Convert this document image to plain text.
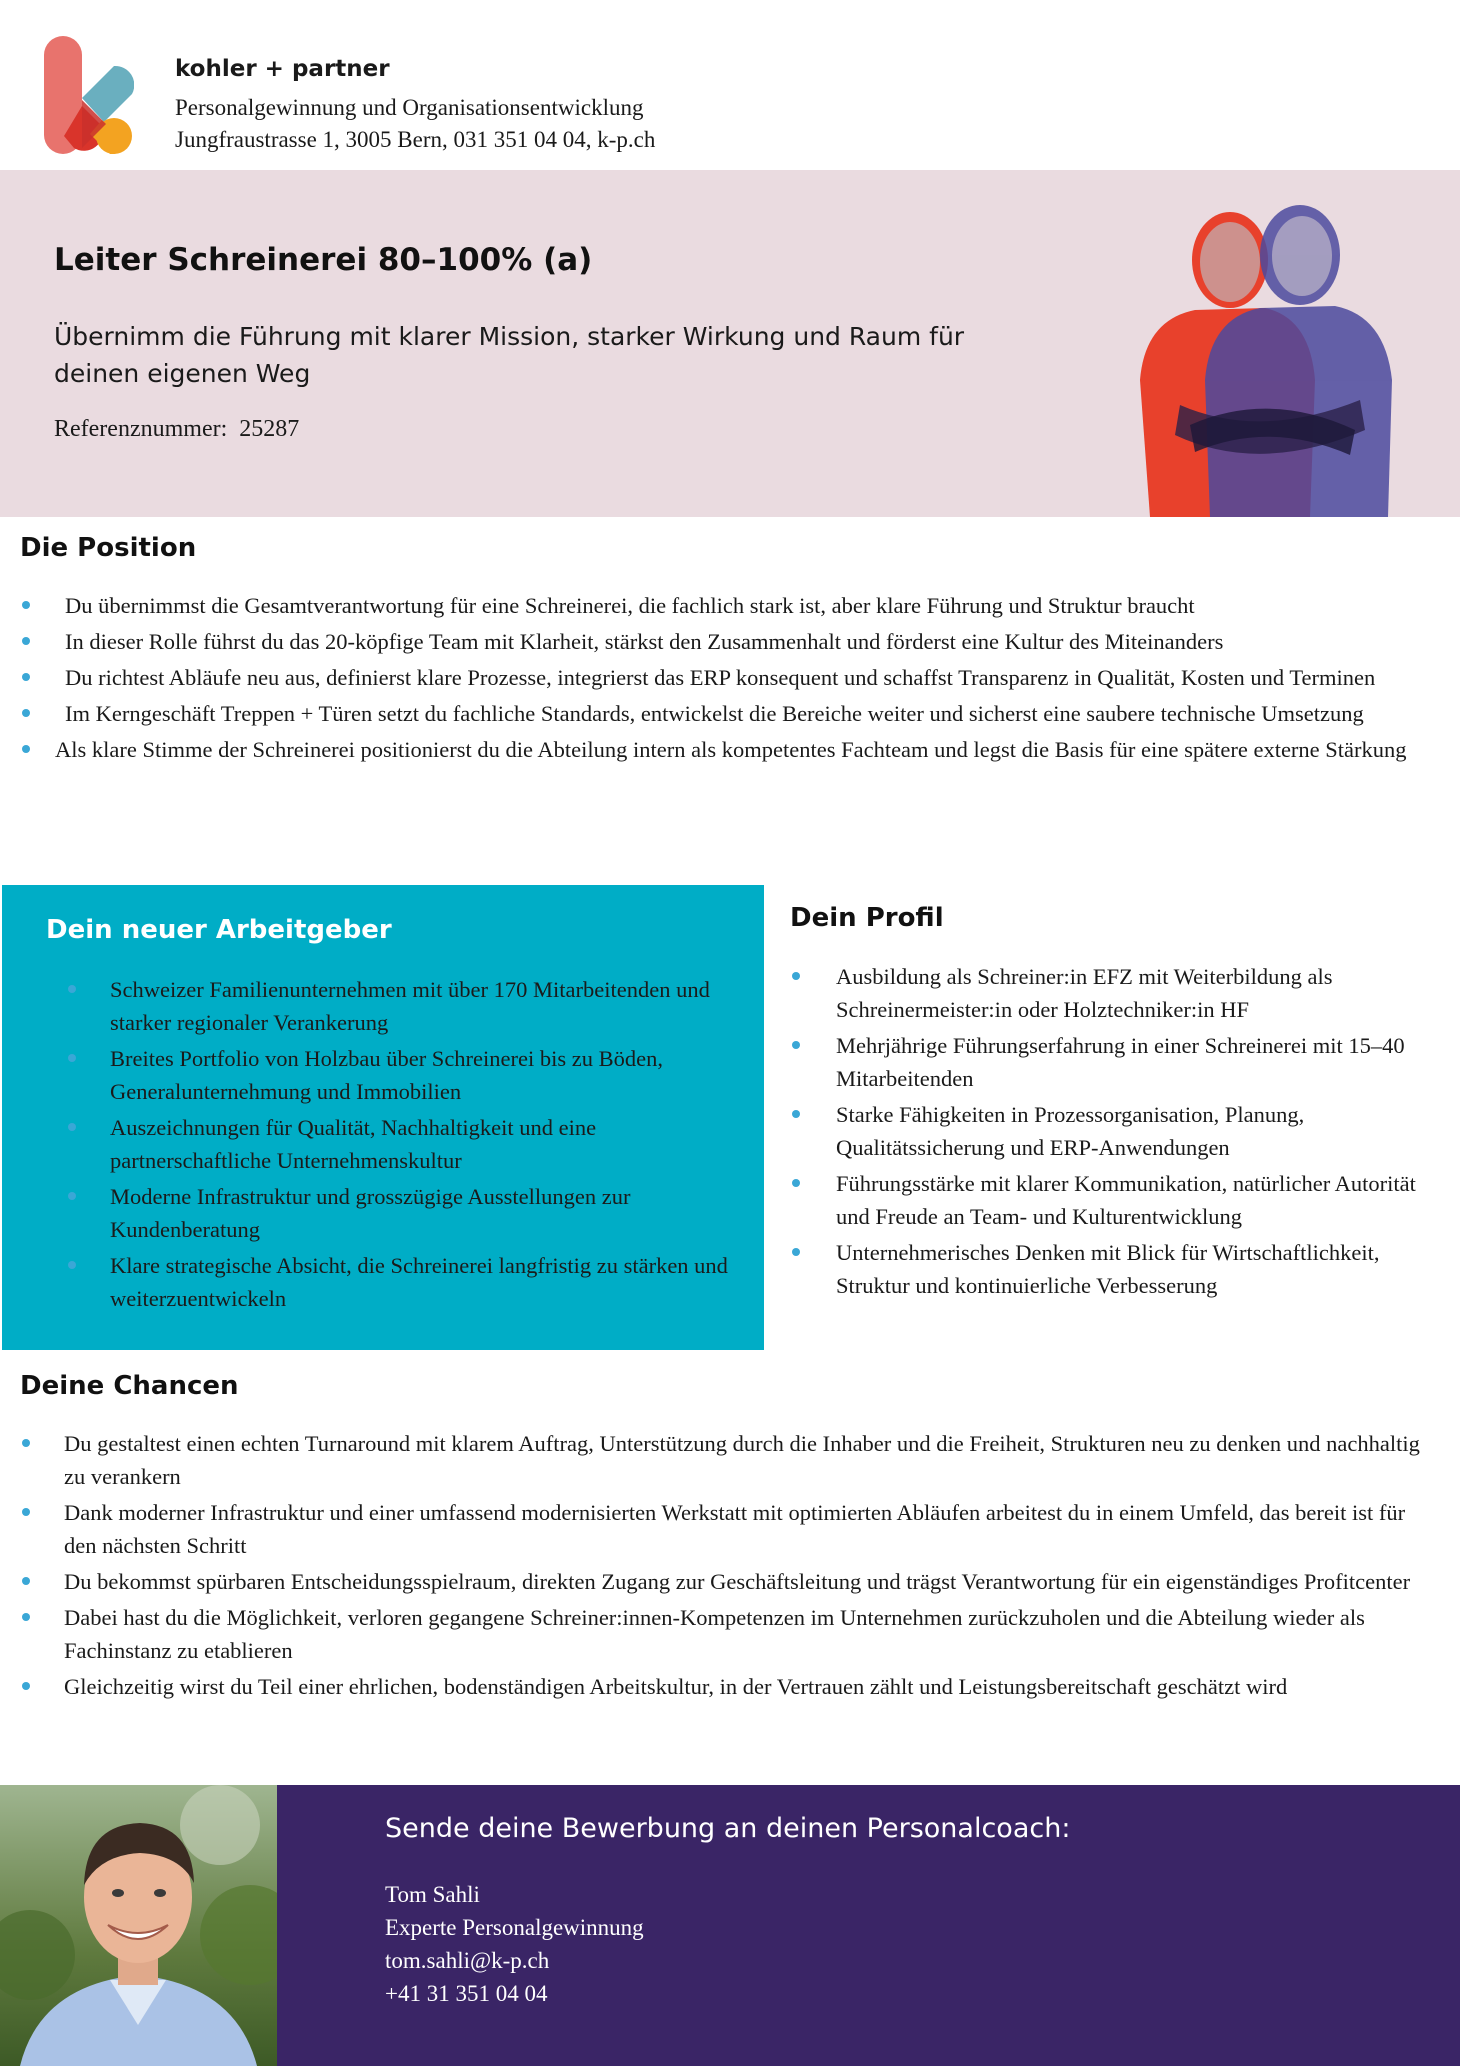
kohler + partner
Personalgewinnung und Organisationsentwicklung
Jungfraustrasse 1, 3005 Bern, 031 351 04 04, k-p.ch
Leiter Schreinerei 80–100% (a)
Übernimm die Führung mit klarer Mission, starker Wirkung und Raum für deinen eigenen Weg
Referenznummer: 25287
Die Position
Du übernimmst die Gesamtverantwortung für eine Schreinerei, die fachlich stark ist, aber klare Führung und Struktur braucht
In dieser Rolle führst du das 20-köpfige Team mit Klarheit, stärkst den Zusammenhalt und förderst eine Kultur des Miteinanders
Du richtest Abläufe neu aus, definierst klare Prozesse, integrierst das ERP konsequent und schaffst Transparenz in Qualität, Kosten und Terminen
Im Kerngeschäft Treppen + Türen setzt du fachliche Standards, entwickelst die Bereiche weiter und sicherst eine saubere technische Umsetzung
Als klare Stimme der Schreinerei positionierst du die Abteilung intern als kompetentes Fachteam und legst die Basis für eine spätere externe Stärkung
Dein neuer Arbeitgeber
Schweizer Familienunternehmen mit über 170 Mitarbeitenden und starker regionaler Verankerung
Breites Portfolio von Holzbau über Schreinerei bis zu Böden, Generalunternehmung und Immobilien
Auszeichnungen für Qualität, Nachhaltigkeit und eine partnerschaftliche Unternehmenskultur
Moderne Infrastruktur und grosszügige Ausstellungen zur Kundenberatung
Klare strategische Absicht, die Schreinerei langfristig zu stärken und weiterzuentwickeln
Dein Profil
Ausbildung als Schreiner:in EFZ mit Weiterbildung als Schreinermeister:in oder Holztechniker:in HF
Mehrjährige Führungserfahrung in einer Schreinerei mit 15–40 Mitarbeitenden
Starke Fähigkeiten in Prozessorganisation, Planung, Qualitätssicherung und ERP-Anwendungen
Führungsstärke mit klarer Kommunikation, natürlicher Autorität und Freude an Team- und Kulturentwicklung
Unternehmerisches Denken mit Blick für Wirtschaftlichkeit, Struktur und kontinuierliche Verbesserung
Deine Chancen
Du gestaltest einen echten Turnaround mit klarem Auftrag, Unterstützung durch die Inhaber und die Freiheit, Strukturen neu zu denken und nachhaltig zu verankern
Dank moderner Infrastruktur und einer umfassend modernisierten Werkstatt mit optimierten Abläufen arbeitest du in einem Umfeld, das bereit ist für den nächsten Schritt
Du bekommst spürbaren Entscheidungsspielraum, direkten Zugang zur Geschäftsleitung und trägst Verantwortung für ein eigenständiges Profitcenter
Dabei hast du die Möglichkeit, verloren gegangene Schreiner:innen-Kompetenzen im Unternehmen zurückzuholen und die Abteilung wieder als Fachinstanz zu etablieren
Gleichzeitig wirst du Teil einer ehrlichen, bodenständigen Arbeitskultur, in der Vertrauen zählt und Leistungsbereitschaft geschätzt wird
Sende deine Bewerbung an deinen Personalcoach:
Tom Sahli
Experte Personalgewinnung
tom.sahli@k-p.ch
+41 31 351 04 04
